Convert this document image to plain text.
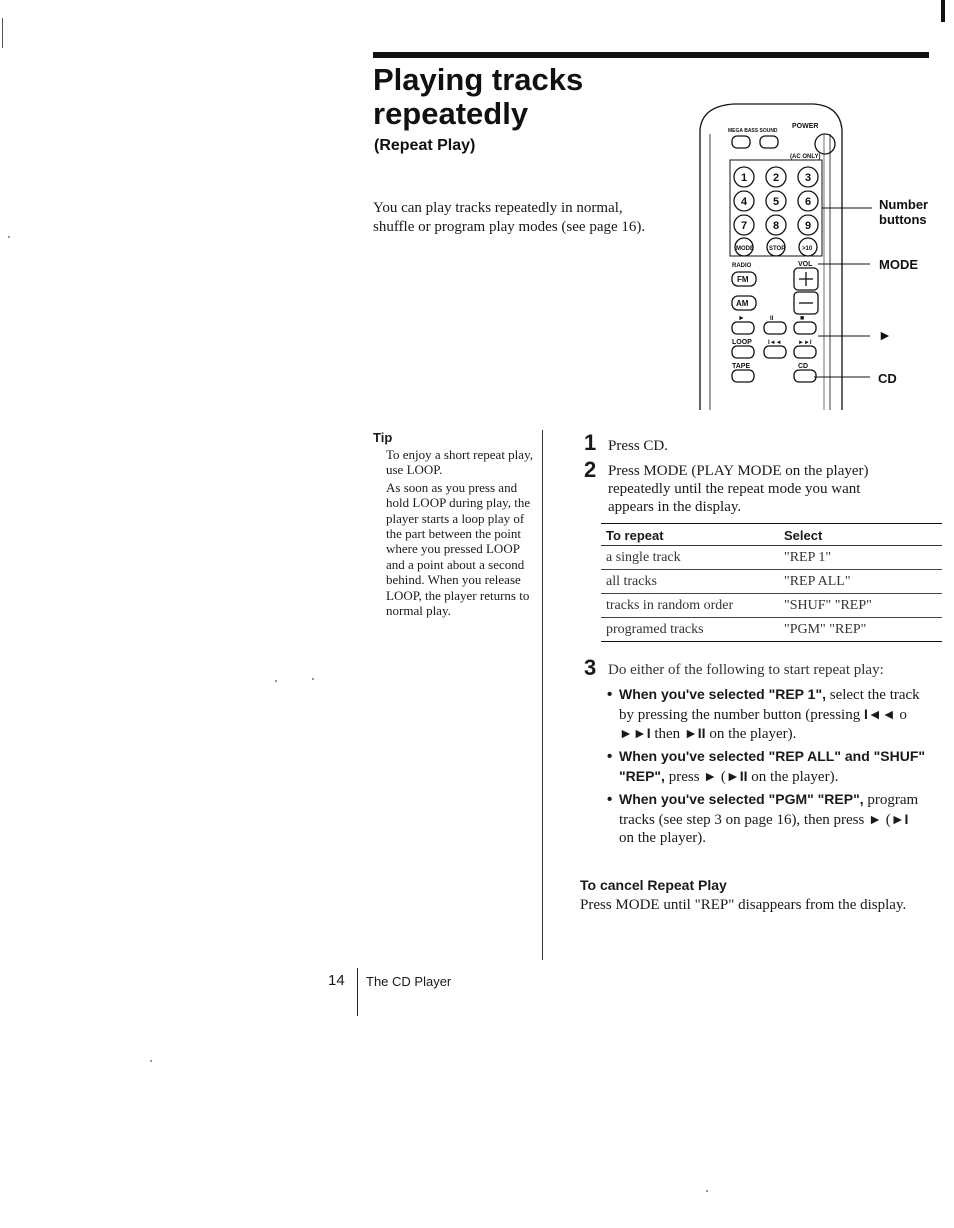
Playing tracks repeatedly
(Repeat Play)
You can play tracks repeatedly in normal, shuffle or program play modes (see page 16).
MEGA BASS SOUND
POWER
(AC ONLY)
1 2 3
4 5 6
7 8 9
MODE	STOP	>10
RADIO	VOL
FM
AM
►	II	■
LOOP	I◄◄	►►I
TAPE	CD
Number buttons
MODE
►
CD
Tip

To enjoy a short repeat play, use LOOP.

As soon as you press and hold LOOP during play, the player starts a loop play of the part between the point where you pressed LOOP and a point about a second behind. When you release LOOP, the player returns to normal play.

1 Press CD.
2 Press MODE (PLAY MODE on the player) repeatedly until the repeat mode you want appears in the display.
To repeat	Select
a single track	"REP 1"
all tracks	"REP ALL"
tracks in random order	"SHUF" "REP"
programed tracks	"PGM" "REP"
3 Do either of the following to start repeat play:
• When you've selected "REP 1", select the track
by pressing the number button (pressing I◄◄ o
►►I then ►II on the player).
• When you've selected "REP ALL" and "SHUF"
"REP", press ► (►II on the player).
• When you've selected "PGM" "REP", program
tracks (see step 3 on page 16), then press ► (►I
on the player).
To cancel Repeat Play
Press MODE until "REP" disappears from the display.
14 The CD Player
